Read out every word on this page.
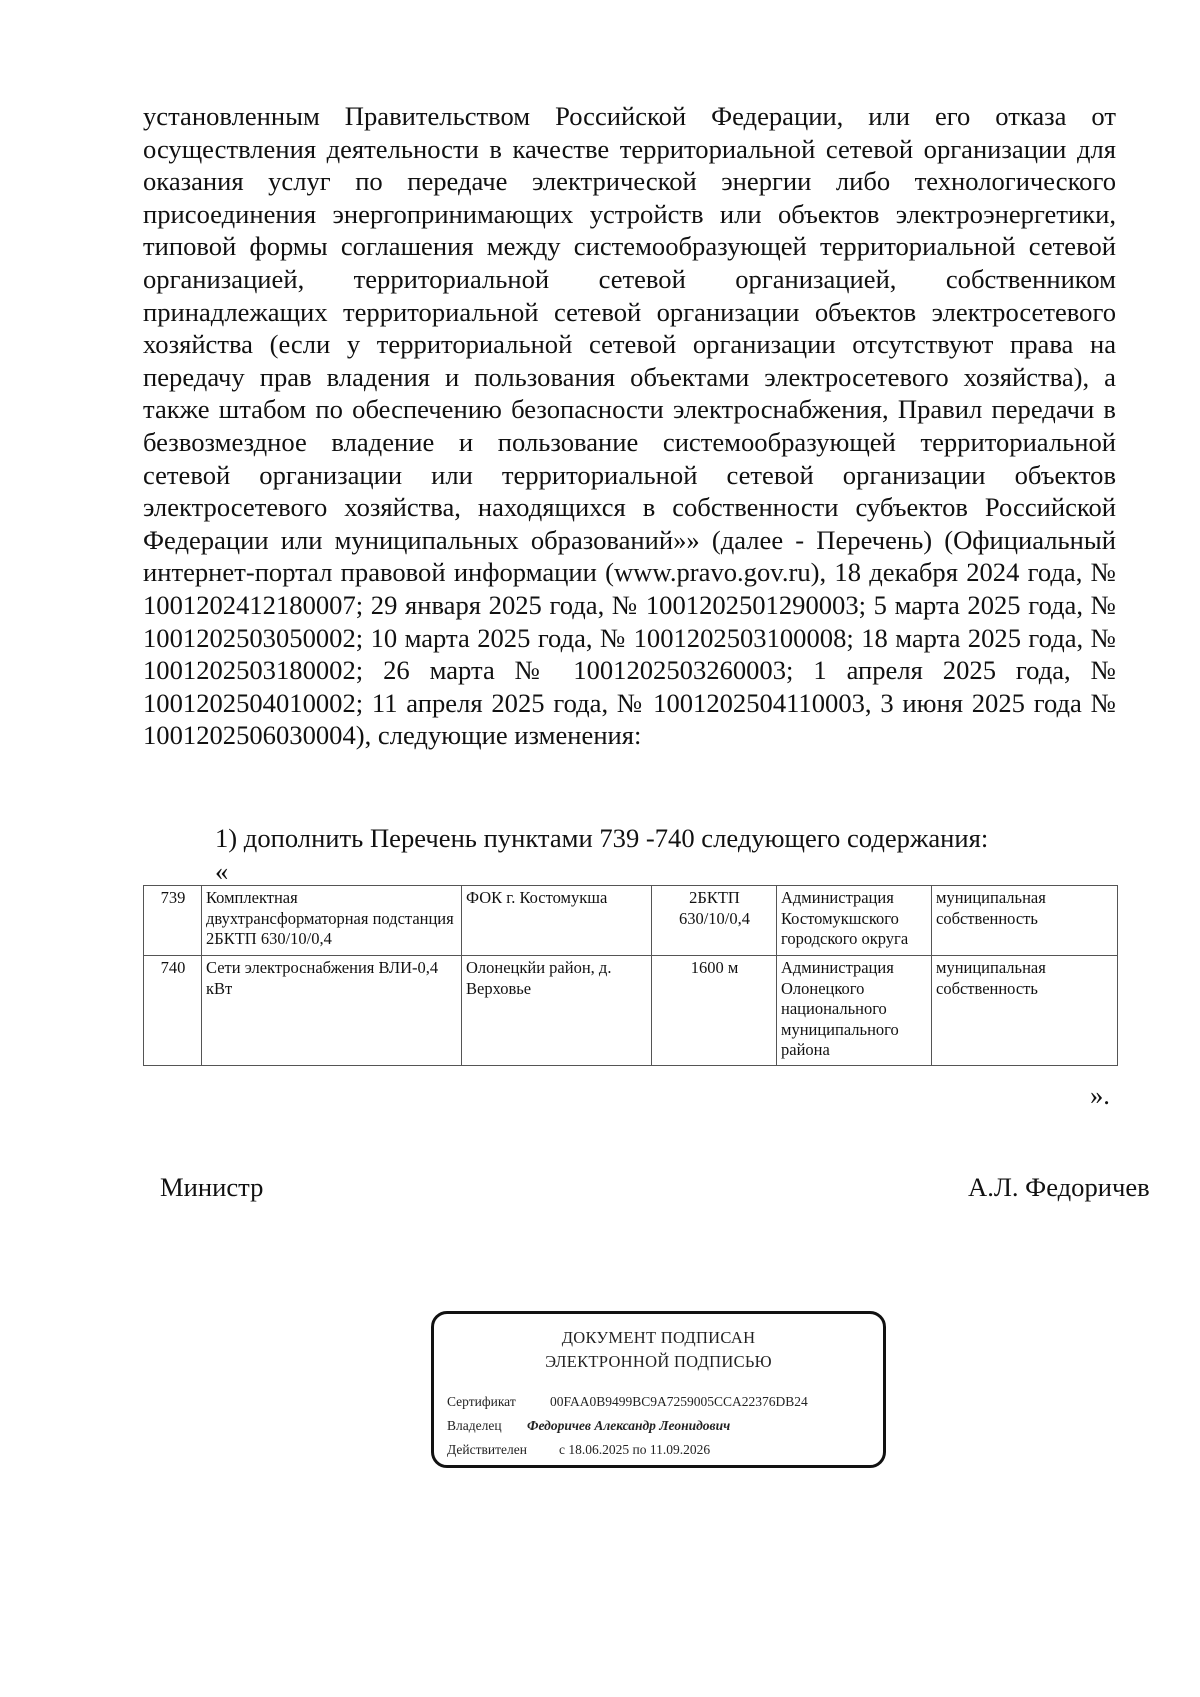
установленным Правительством Российской Федерации, или его отказа от осуществления деятельности в качестве территориальной сетевой организации для оказания услуг по передаче электрической энергии либо технологического присоединения энергопринимающих устройств или объектов электроэнергетики, типовой формы соглашения между системообразующей территориальной сетевой организацией, территориальной сетевой организацией, собственником принадлежащих территориальной сетевой организации объектов электросетевого хозяйства (если у территориальной сетевой организации отсутствуют права на передачу прав владения и пользования объектами электросетевого хозяйства), а также штабом по обеспечению безопасности электроснабжения, Правил передачи в безвозмездное владение и пользование системообразующей территориальной сетевой организации или территориальной сетевой организации объектов электросетевого хозяйства, находящихся в собственности субъектов Российской Федерации или муниципальных образований»» (далее - Перечень) (Официальный интернет-портал правовой информации (www.pravo.gov.ru), 18 декабря 2024 года, № 1001202412180007; 29 января 2025 года, № 1001202501290003; 5 марта 2025 года, № 1001202503050002; 10 марта 2025 года, № 1001202503100008; 18 марта 2025 года, № 1001202503180002; 26 марта № 1001202503260003; 1 апреля 2025 года, № 1001202504010002; 11 апреля 2025 года, № 1001202504110003, 3 июня 2025 года № 1001202506030004), следующие изменения:

1) дополнить Перечень пунктами 739 -740 следующего содержания:
«
739	Комплектная двухтрансформаторная подстанция 2БКТП 630/10/0,4	ФОК г. Костомукша	2БКТП 630/10/0,4	Администрация Костомукшского городского округа	муниципальная собственность
740	Сети электроснабжения ВЛИ-0,4 кВт	Олонецкйи район, д. Верховье	1600 м	Администрация Олонецкого национального муниципального района	муниципальная собственность
».
Министр	А.Л. Федоричев
ДОКУМЕНТ ПОДПИСАН
ЭЛЕКТРОННОЙ ПОДПИСЬЮ
Сертификат	00FAA0B9499BC9A7259005CCA22376DB24
Владелец Федоричев Александр Леонидович
Действителен с 18.06.2025 по 11.09.2026
